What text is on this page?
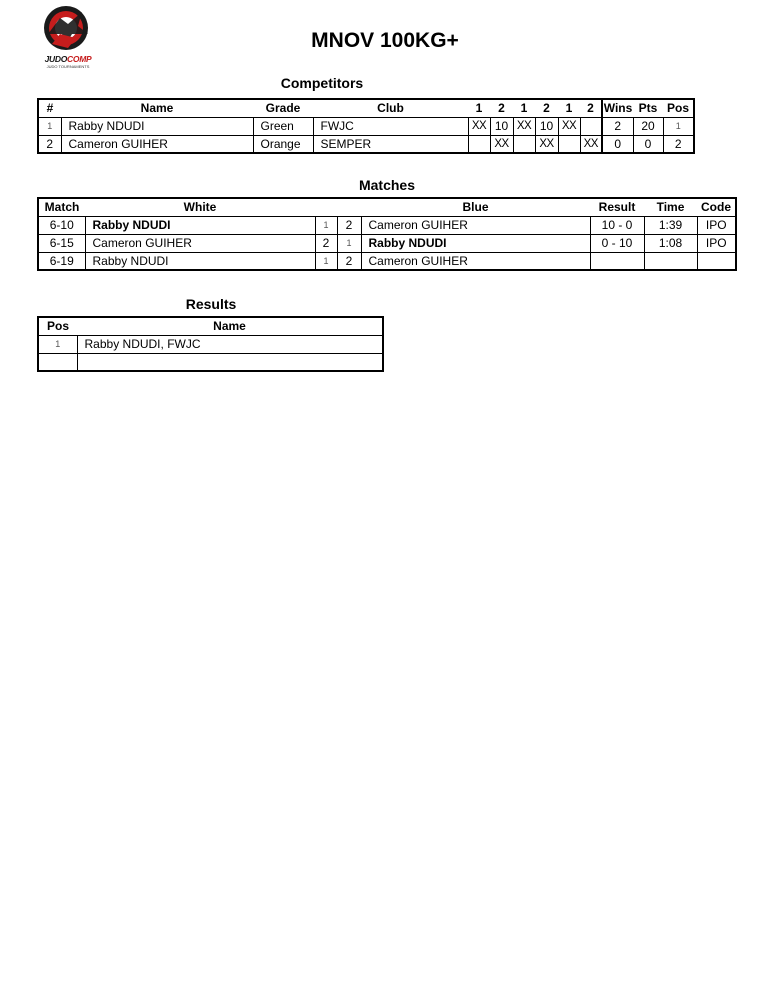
JUDOCOMP
JUDO TOURNAMENTS
MNOV 100KG+
Competitors
#	Name	Grade	Club	1	2	1	2	1	2	Wins	Pts	Pos
1	Rabby NDUDI	Green	FWJC	XX	10	XX	10	XX		2	20	1
2	Cameron GUIHER	Orange	SEMPER		XX		XX		XX	0	0	2
Matches
Match	White			Blue	Result	Time	Code
6-10	Rabby NDUDI	1	2	Cameron GUIHER	10 - 0	1:39	IPO
6-15	Cameron GUIHER	2	1	Rabby NDUDI	0 - 10	1:08	IPO
6-19	Rabby NDUDI	1	2	Cameron GUIHER			
Results
Pos	Name
1	Rabby NDUDI, FWJC
